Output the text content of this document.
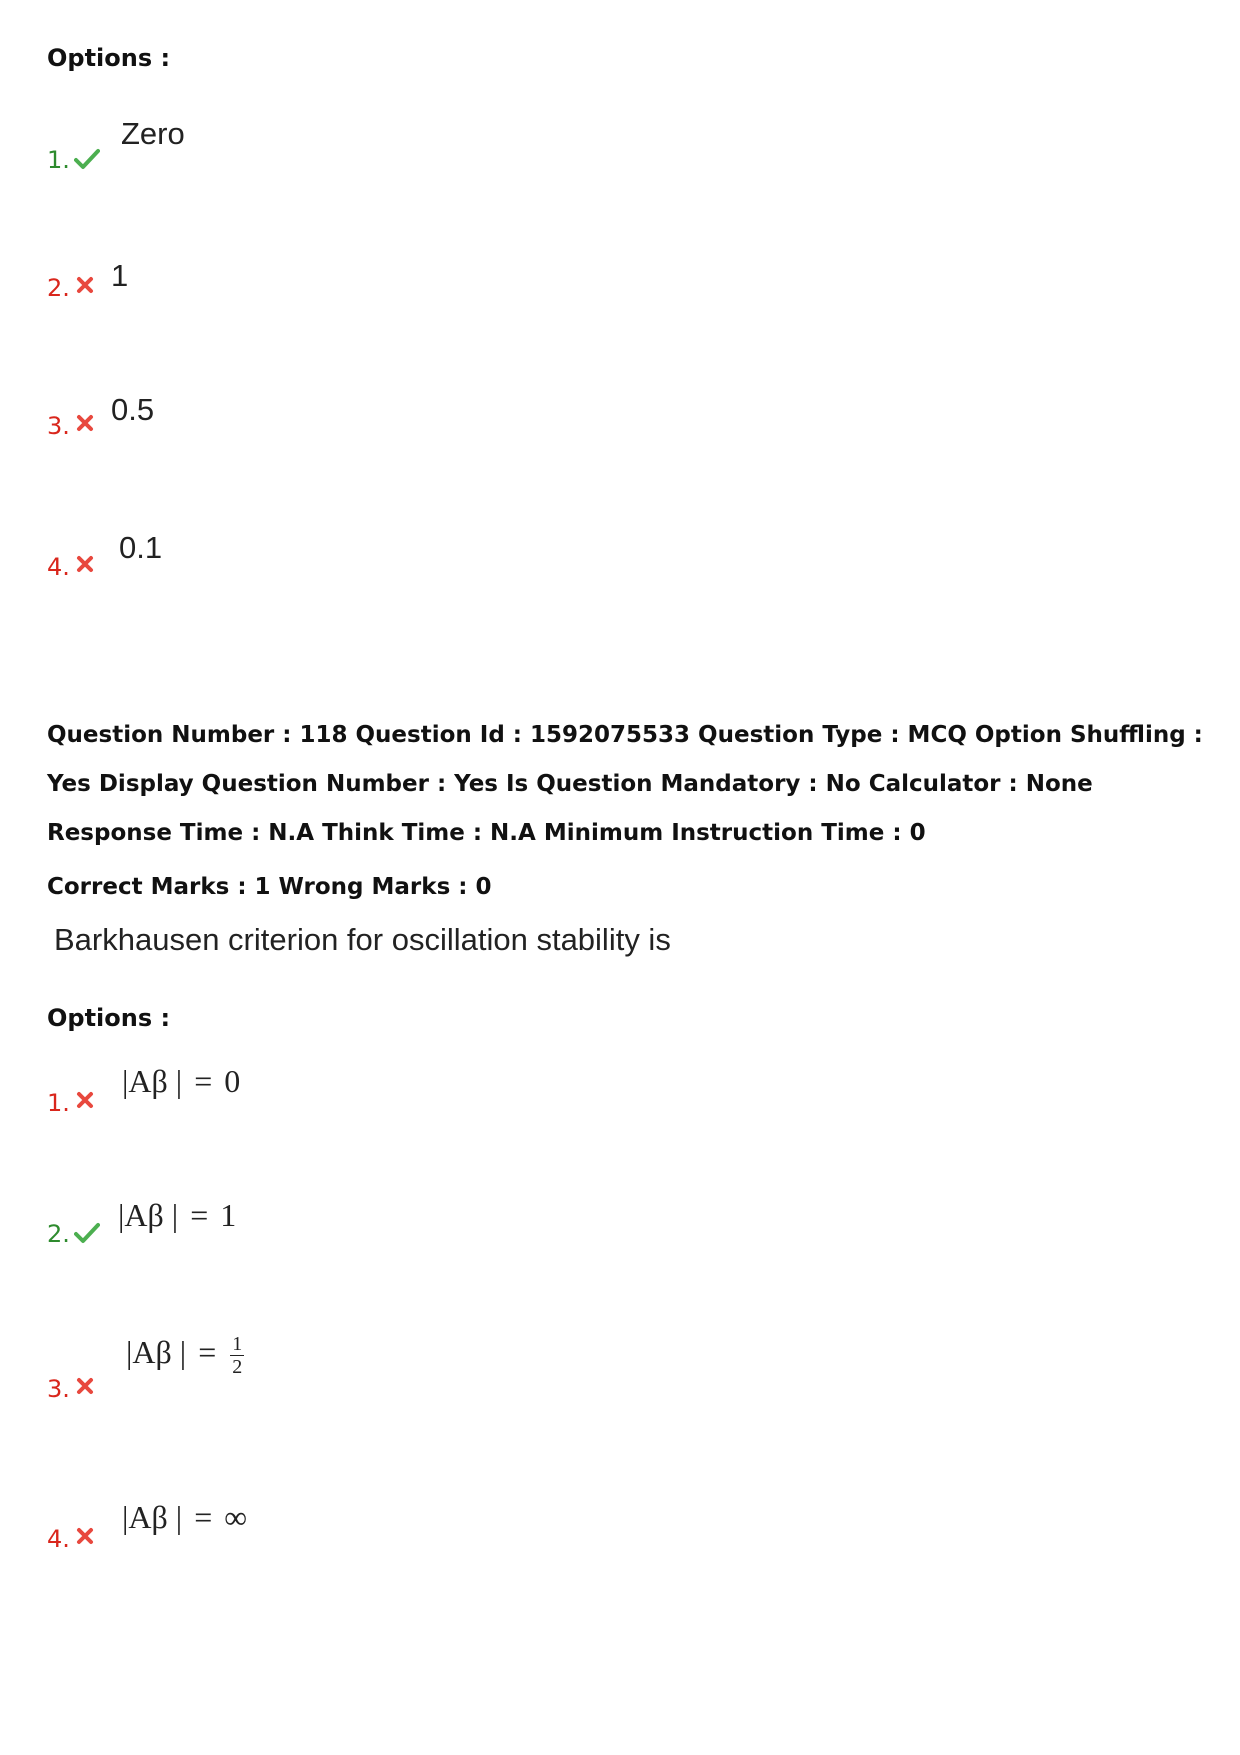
Options :
1.
Zero
2. 1
3. 0.5
4.
0.1
Question Number : 118 Question Id : 1592075533 Question Type : MCQ Option Shuffling : Yes Display Question Number : Yes Is Question Mandatory : No Calculator : None Response Time : N.A Think Time : N.A Minimum Instruction Time : 0
Correct Marks : 1 Wrong Marks : 0
Barkhausen criterion for oscillation stability is
Options :
1.
|Aβ | = 0
2.
|Aβ | = 1
3.
|Aβ | = $\frac{1}{2}$
4.
|Aβ | = ∞
